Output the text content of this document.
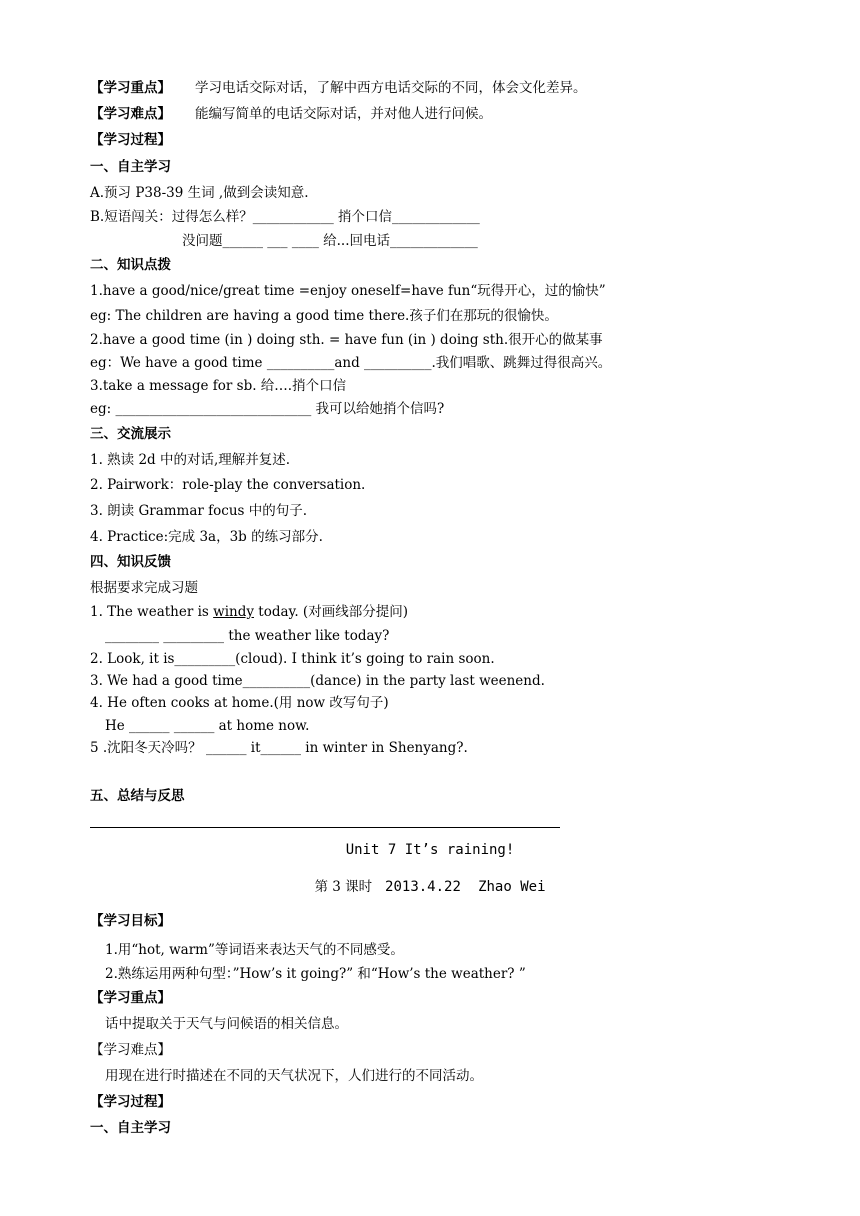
【学习重点】 学习电话交际对话，了解中西方电话交际的不同，体会文化差异。
【学习难点】 能编写简单的电话交际对话，并对他人进行问候。
【学习过程】
一、自主学习
A.预习 P38-39 生词 ,做到会读知意.
B.短语闯关：过得怎么样？____________ 捎个口信_____________
没问题______ ___ ____ 给...回电话_____________
二、知识点拨
1.have a good/nice/great time =enjoy oneself=have fun“玩得开心，过的愉快”
eg: The children are having a good time there.孩子们在那玩的很愉快。
2.have a good time (in ) doing sth. = have fun (in ) doing sth.很开心的做某事
eg：We have a good time __________and __________.我们唱歌、跳舞过得很高兴。
3.take a message for sb. 给….捎个口信
eg: _____________________________ 我可以给她捎个信吗?
三、交流展示
1. 熟读 2d 中的对话,理解并复述.
2. Pairwork：role-play the conversation.
3. 朗读 Grammar focus 中的句子.
4. Practice:完成 3a，3b 的练习部分.
四、知识反馈
根据要求完成习题
1. The weather is windy today. (对画线部分提问)
________ _________ the weather like today?
2. Look, it is_________(cloud). I think it’s going to rain soon.
3. We had a good time__________(dance) in the party last weenend.
4. He often cooks at home.(用 now 改写句子)
He ______ ______ at home now.
5 .沈阳冬天冷吗？ ______ it______ in winter in Shenyang?.
五、总结与反思
Unit 7 It’s raining!
第 3 课时 2013.4.22 Zhao Wei
【学习目标】
1.用“hot, warm”等词语来表达天气的不同感受。
2.熟练运用两种句型：”How’s it going?” 和“How’s the weather? ”
【学习重点】
话中提取关于天气与问候语的相关信息。
【学习难点】
用现在进行时描述在不同的天气状况下，人们进行的不同活动。
【学习过程】
一、自主学习
